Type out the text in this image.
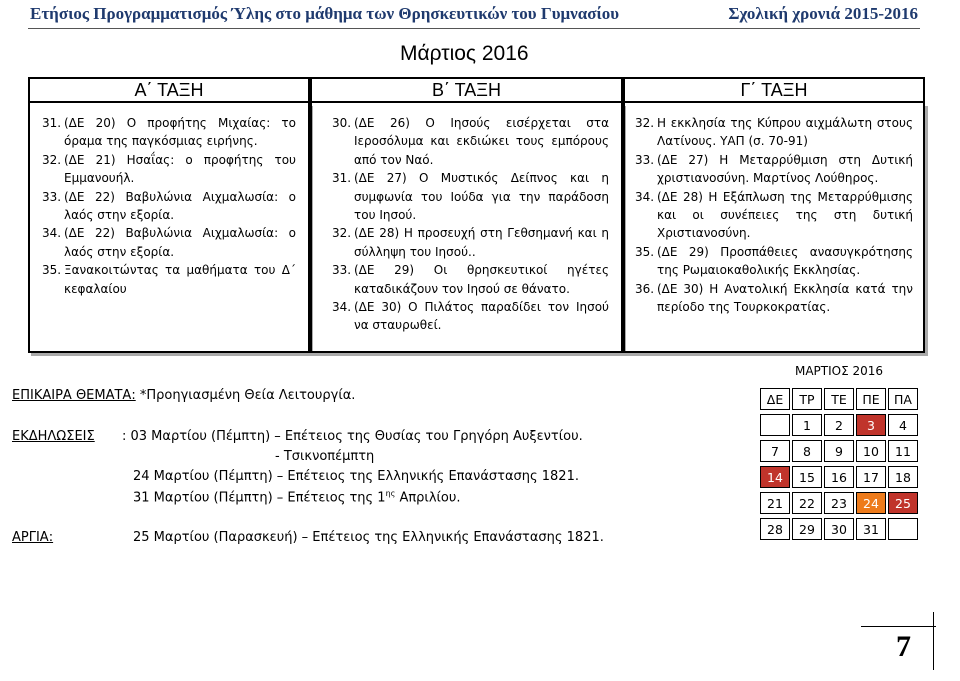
Ετήσιος Προγραμματισμός Ύλης στο μάθημα των Θρησκευτικών του Γυμνασίου	Σχολική χρονιά 2015-2016
Μάρτιος 2016
Α΄ ΤΑΞΗ	Β΄ ΤΑΞΗ	Γ΄ ΤΑΞΗ
31. (ΔΕ 20) Ο προφήτης Μιχαίας: το όραμα της παγκόσμιας ειρήνης.
32. (ΔΕ 21) Ησαΐας: ο προφήτης του Εμμανουήλ.
33. (ΔΕ 22) Βαβυλώνια Αιχμαλωσία: ο λαός στην εξορία.
34. (ΔΕ 22) Βαβυλώνια Αιχμαλωσία: ο λαός στην εξορία.
35. Ξανακοιτώντας τα μαθήματα του Δ΄ κεφαλαίου
30. (ΔΕ 26) Ο Ιησούς εισέρχεται στα Ιεροσόλυμα και εκδιώκει τους εμπόρους από τον Ναό.
31. (ΔΕ 27) Ο Μυστικός Δείπνος και η συμφωνία του Ιούδα για την παράδοση του Ιησού.
32. (ΔΕ 28) Η προσευχή στη Γεθσημανή και η σύλληψη του Ιησού..
33. (ΔΕ 29) Οι θρησκευτικοί ηγέτες καταδικάζουν τον Ιησού σε θάνατο.
34. (ΔΕ 30) Ο Πιλάτος παραδίδει τον Ιησού να σταυρωθεί.
32. Η εκκλησία της Κύπρου αιχμάλωτη στους Λατίνους. ΥΑΠ (σ. 70-91)
33. (ΔΕ 27) Η Μεταρρύθμιση στη Δυτική χριστιανοσύνη. Μαρτίνος Λούθηρος.
34. (ΔΕ 28) Η Εξάπλωση της Μεταρρύθμισης και οι συνέπειες της στη δυτική Χριστιανοσύνη.
35. (ΔΕ 29) Προσπάθειες ανασυγκρότησης της Ρωμαιοκαθολικής Εκκλησίας.
36. (ΔΕ 30) Η Ανατολική Εκκλησία κατά την περίοδο της Τουρκοκρατίας.
ΕΠΙΚΑΙΡΑ ΘΕΜΑΤΑ: *Προηγιασμένη Θεία Λειτουργία.
ΕΚΔΗΛΩΣΕΙΣ : 03 Μαρτίου (Πέμπτη) – Επέτειος της Θυσίας του Γρηγόρη Αυξεντίου.
- Τσικνοπέμπτη
24 Μαρτίου (Πέμπτη) – Επέτειος της Ελληνικής Επανάστασης 1821.
31 Μαρτίου (Πέμπτη) – Επέτειος της $1^{\eta\varsigma}$ Απριλίου.
ΑΡΓΙΑ:	25 Μαρτίου (Παρασκευή) – Επέτειος της Ελληνικής Επανάστασης 1821.
ΜΑΡΤΙΟΣ 2016
ΔΕ	ΤΡ	ΤΕ	ΠΕ	ΠΑ
	1	2	3	4
7	8	9	10	11
14	15	16	17	18
21	22	23	24	25
28	29	30	31	
7
